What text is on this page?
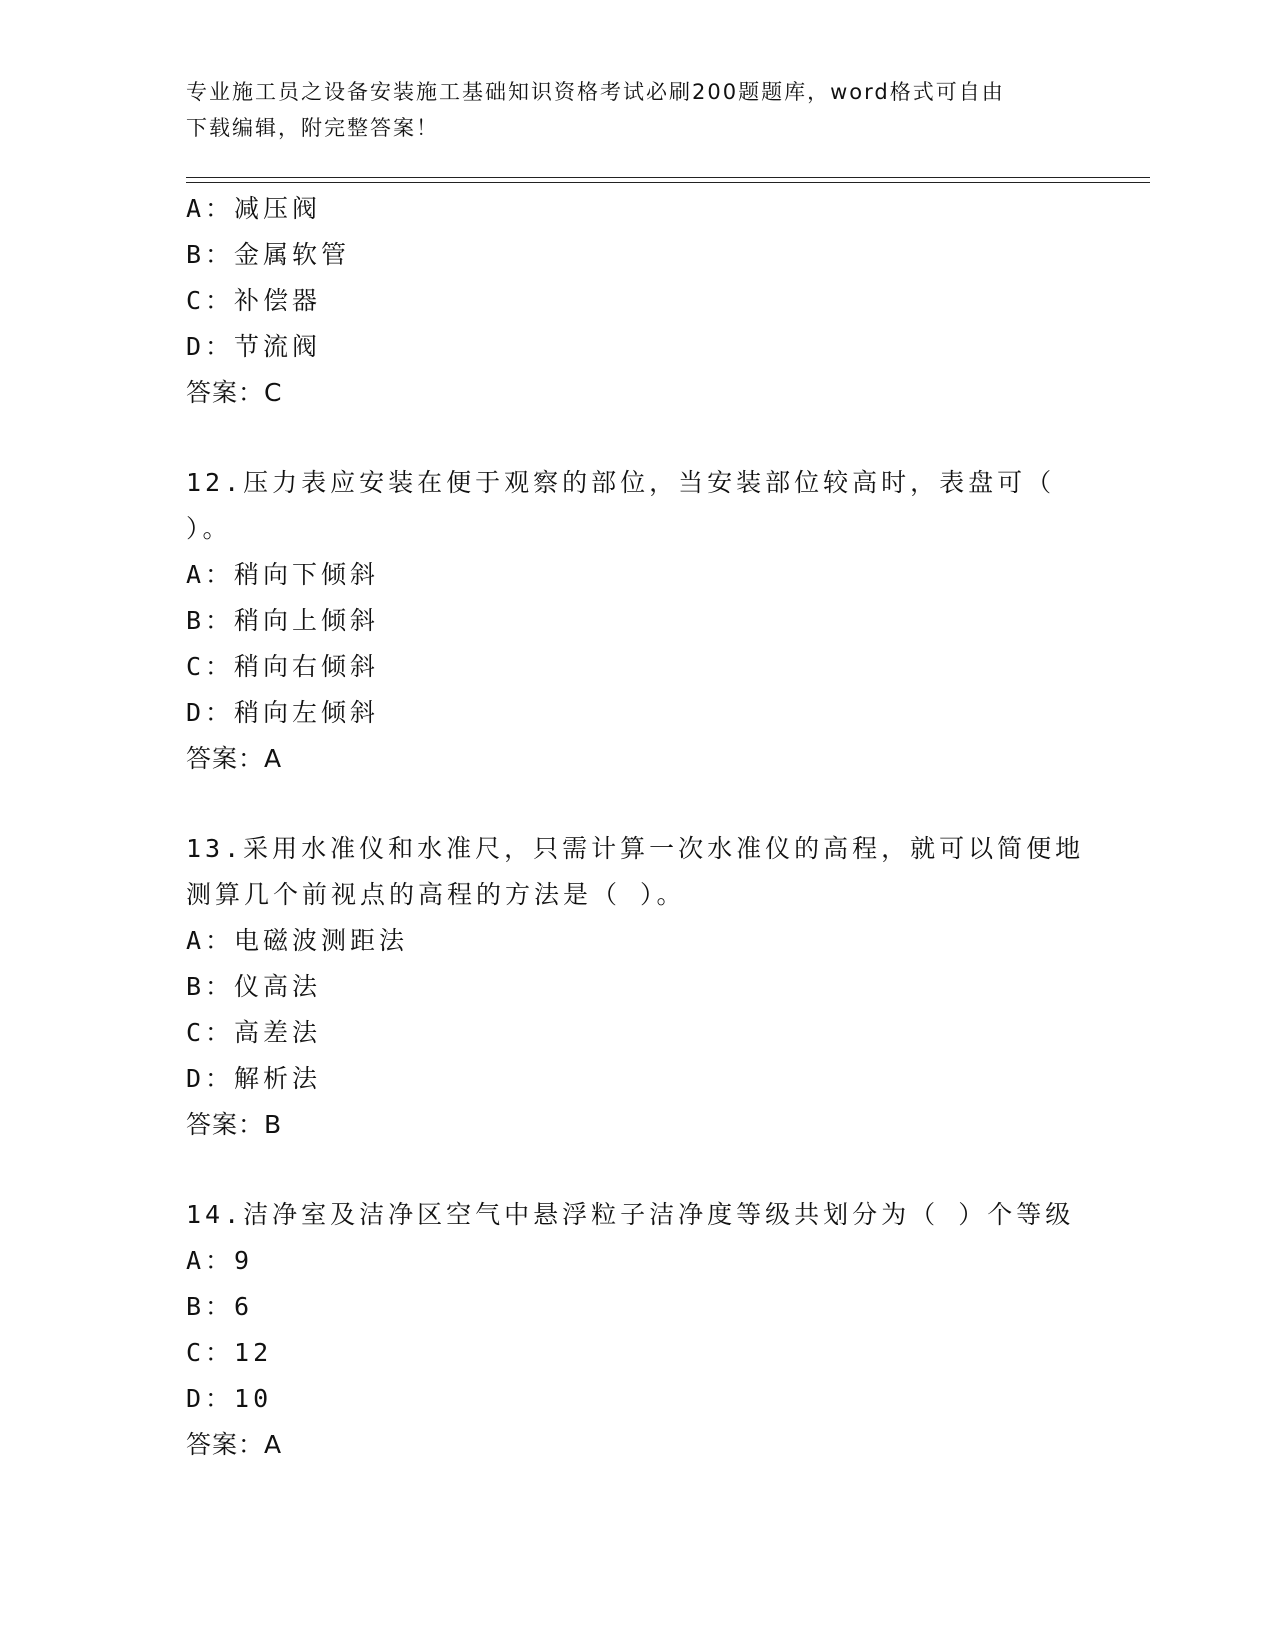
专业施工员之设备安装施工基础知识资格考试必刷200题题库，word格式可自由
下载编辑，附完整答案！
A：减压阀
B：金属软管
C：补偿器
D：节流阀
答案：C
12.压力表应安装在便于观察的部位，当安装部位较高时，表盘可（
）。
A：稍向下倾斜
B：稍向上倾斜
C：稍向右倾斜
D：稍向左倾斜
答案：A
13.采用水准仪和水准尺，只需计算一次水准仪的高程，就可以简便地
测算几个前视点的高程的方法是（ ）。
A：电磁波测距法
B：仪高法
C：高差法
D：解析法
答案：B
14.洁净室及洁净区空气中悬浮粒子洁净度等级共划分为（ ）个等级
A：9
B：6
C：12
D：10
答案：A
